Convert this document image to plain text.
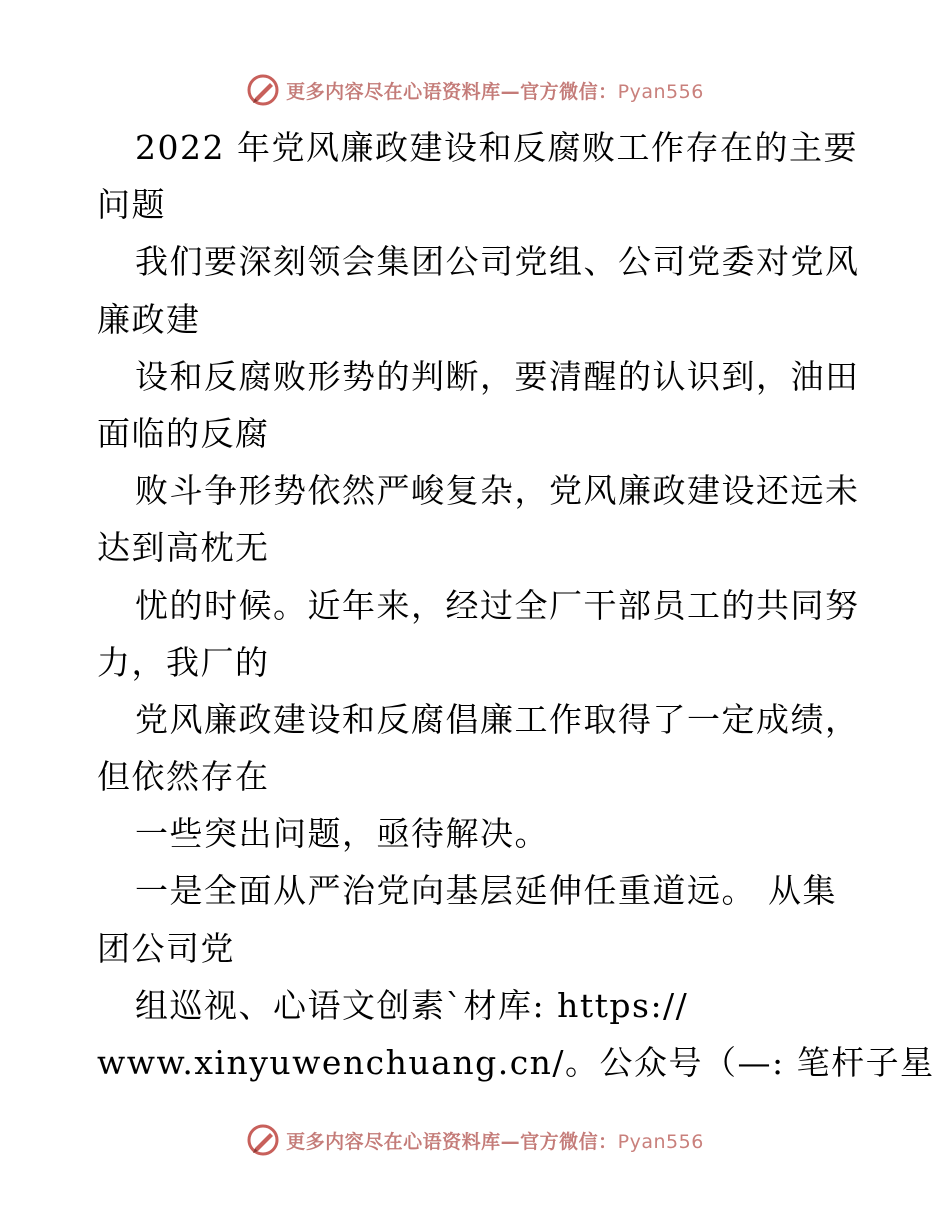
更多内容尽在心语资料库—官方微信：Pyan556
2022 年党风廉政建设和反腐败工作存在的主要
问题
我们要深刻领会集团公司党组、公司党委对党风
廉政建
设和反腐败形势的判断，要清醒的认识到，油田
面临的反腐
败斗争形势依然严峻复杂，党风廉政建设还远未
达到高枕无
忧的时候。近年来，经过全厂干部员工的共同努
力，我厂的
党风廉政建设和反腐倡廉工作取得了一定成绩，
但依然存在
一些突出问题，亟待解决。
一是全面从严治党向基层延伸任重道远。 从集
团公司党
组巡视、心语文创素`材库: https://
www.xinyuwenchuang.cn/。公众号（—: 笔杆子星
更多内容尽在心语资料库—官方微信：Pyan556
